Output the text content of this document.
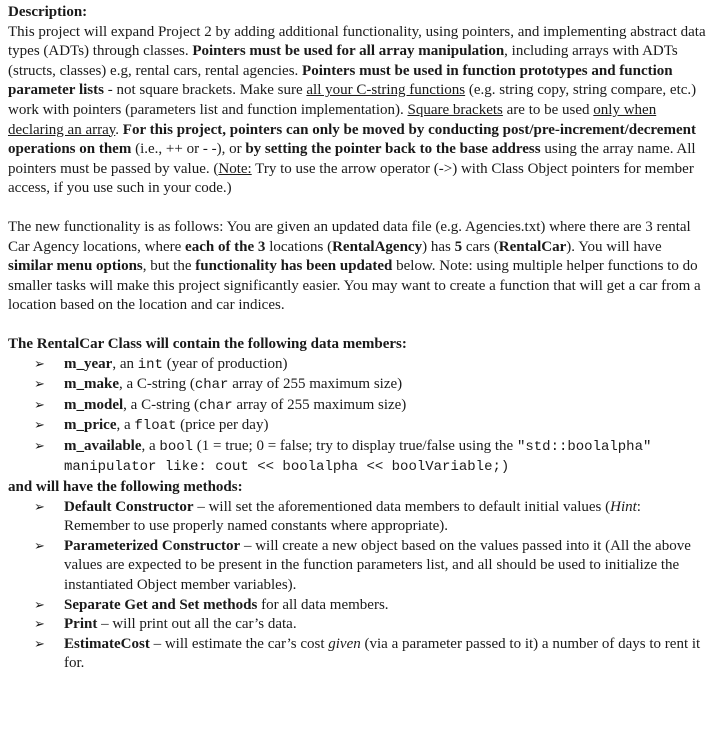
Description:

This project will expand Project 2 by adding additional functionality, using pointers, and implementing abstract data types (ADTs) through classes. Pointers must be used for all array manipulation, including arrays with ADTs (structs, classes) e.g, rental cars, rental agencies. Pointers must be used in function prototypes and function parameter lists - not square brackets. Make sure all your C-string functions (e.g. string copy, string compare, etc.) work with pointers (parameters list and function implementation). Square brackets are to be used only when declaring an array. For this project, pointers can only be moved by conducting post/pre-increment/decrement operations on them (i.e., ++ or - -), or by setting the pointer back to the base address using the array name. All pointers must be passed by value. (Note: Try to use the arrow operator (->) with Class Object pointers for member access, if you use such in your code.)

The new functionality is as follows: You are given an updated data file (e.g. Agencies.txt) where there are 3 rental Car Agency locations, where each of the 3 locations (RentalAgency) has 5 cars (RentalCar). You will have similar menu options, but the functionality has been updated below. Note: using multiple helper functions to do smaller tasks will make this project significantly easier. You may want to create a function that will get a car from a location based on the location and car indices.

The RentalCar Class will contain the following data members:

➢	m_year, an int (year of production)
➢	m_make, a C-string (char array of 255 maximum size)
➢	m_model, a C-string (char array of 255 maximum size)
➢	m_price, a float (price per day)
➢	m_available, a bool (1 = true; 0 = false; try to display true/false using the "std::boolalpha" manipulator like: cout << boolalpha << boolVariable;)

and will have the following methods:

➢	Default Constructor – will set the aforementioned data members to default initial values (Hint: Remember to use properly named constants where appropriate).
➢	Parameterized Constructor – will create a new object based on the values passed into it (All the above values are expected to be present in the function parameters list, and all should be used to initialize the instantiated Object member variables).
➢	Separate Get and Set methods for all data members.
➢	Print – will print out all the car’s data.
➢	EstimateCost – will estimate the car’s cost given (via a parameter passed to it) a number of days to rent it for.
